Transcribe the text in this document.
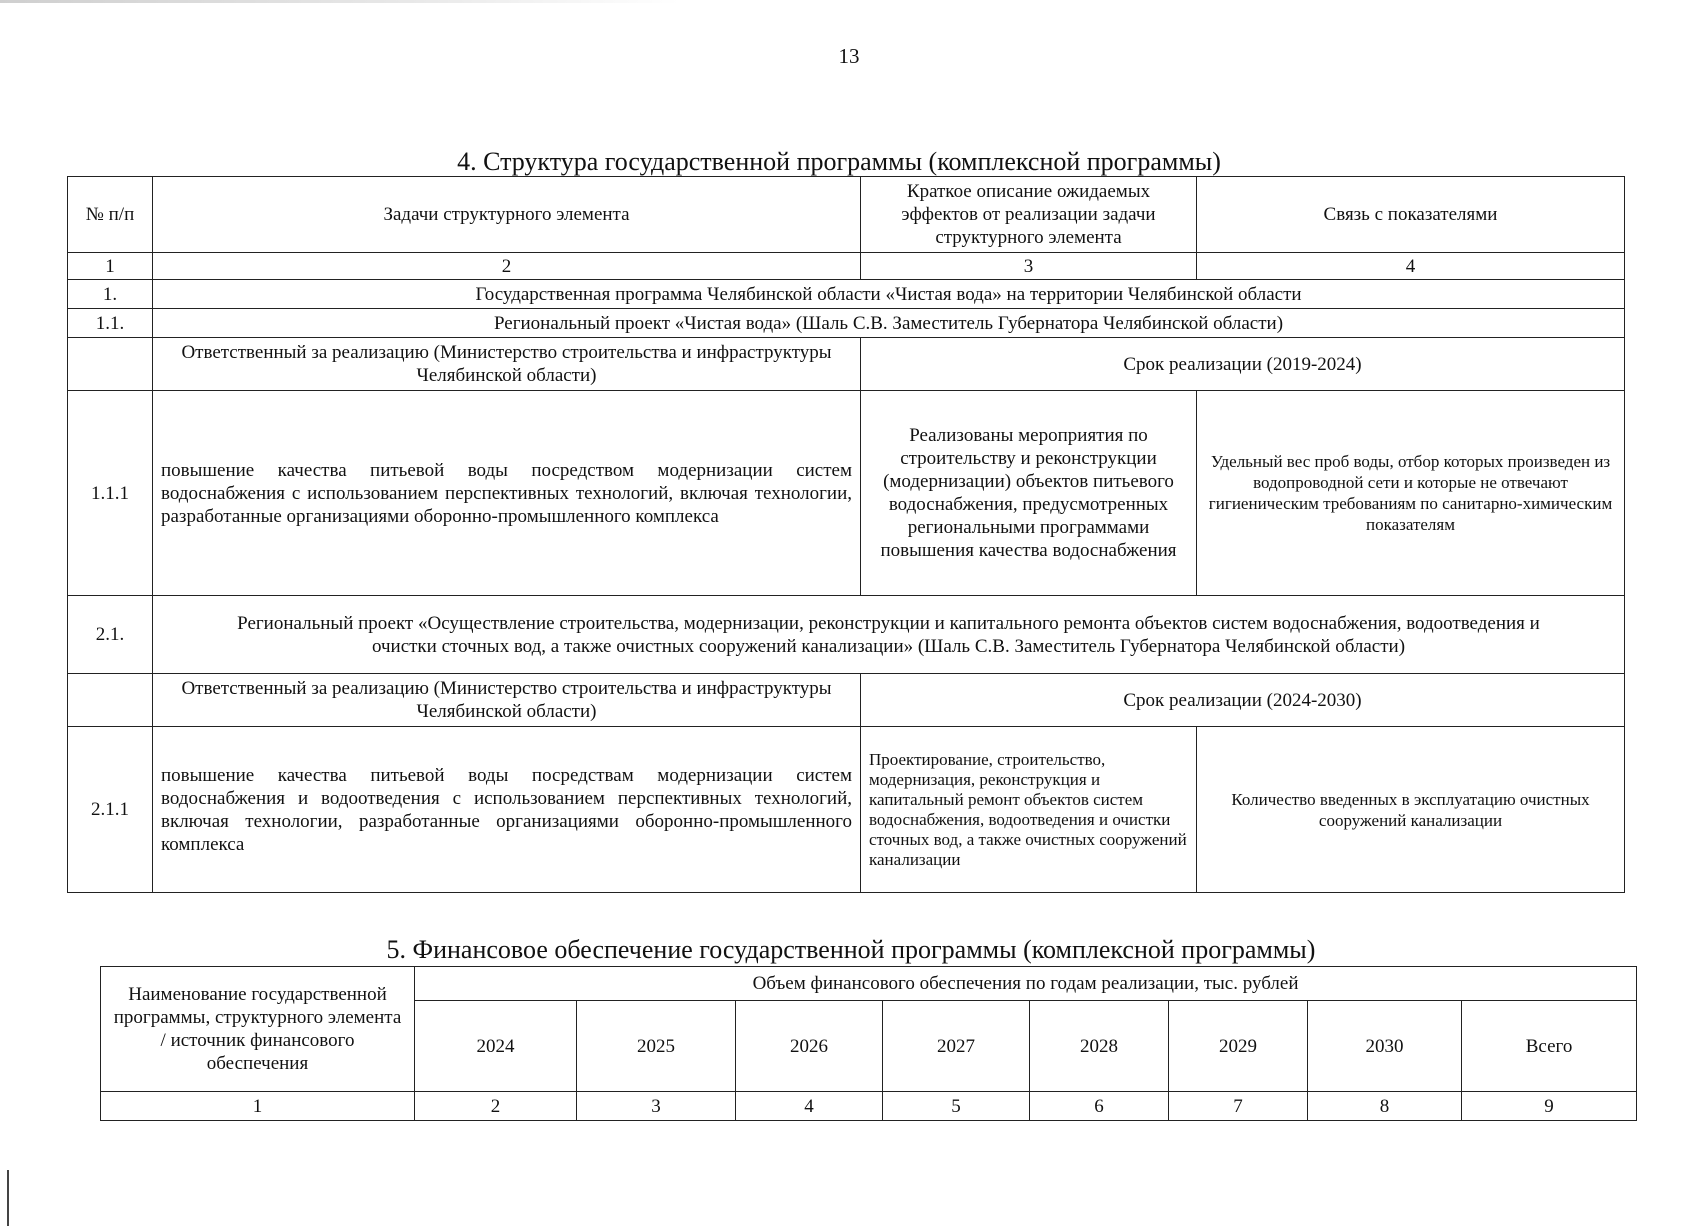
13
4. Структура государственной программы (комплексной программы)
№ п/п	Задачи структурного элемента	Краткое описание ожидаемых эффектов от реализации задачи структурного элемента	Связь с показателями
1	2	3	4
1.	Государственная программа Челябинской области «Чистая вода» на территории Челябинской области		
1.1.	Региональный проект «Чистая вода» (Шаль С.В. Заместитель Губернатора Челябинской области)		
	Ответственный за реализацию (Министерство строительства и инфраструктуры Челябинской области)	Срок реализации (2019-2024)	
1.1.1	повышение качества питьевой воды посредством модернизации систем водоснабжения с использованием перспективных технологий, включая технологии, разработанные организациями оборонно-промышленного комплекса	Реализованы мероприятия по строительству и реконструкции (модернизации) объектов питьевого водоснабжения, предусмотренных региональными программами повышения качества водоснабжения	Удельный вес проб воды, отбор которых произведен из водопроводной сети и которые не отвечают гигиеническим требованиям по санитарно-химическим показателям
2.1.	Региональный проект «Осуществление строительства, модернизации, реконструкции и капитального ремонта объектов систем водоснабжения, водоотведения и очистки сточных вод, а также очистных сооружений канализации» (Шаль С.В. Заместитель Губернатора Челябинской области)		
	Ответственный за реализацию (Министерство строительства и инфраструктуры Челябинской области)	Срок реализации (2024-2030)	
2.1.1	повышение качества питьевой воды посредствам модернизации систем водоснабжения и водоотведения с использованием перспективных технологий, включая технологии, разработанные организациями оборонно-промышленного комплекса	Проектирование, строительство, модернизация, реконструкция и капитальный ремонт объектов систем водоснабжения, водоотведения и очистки сточных вод, а также очистных сооружений канализации	Количество введенных в эксплуатацию очистных сооружений канализации
5. Финансовое обеспечение государственной программы (комплексной программы)
Наименование государственной программы, структурного элемента / источник финансового обеспечения	Объем финансового обеспечения по годам реализации, тыс. рублей							
	2024	2025	2026	2027	2028	2029	2030	Всего
1	2	3	4	5	6	7	8	9
